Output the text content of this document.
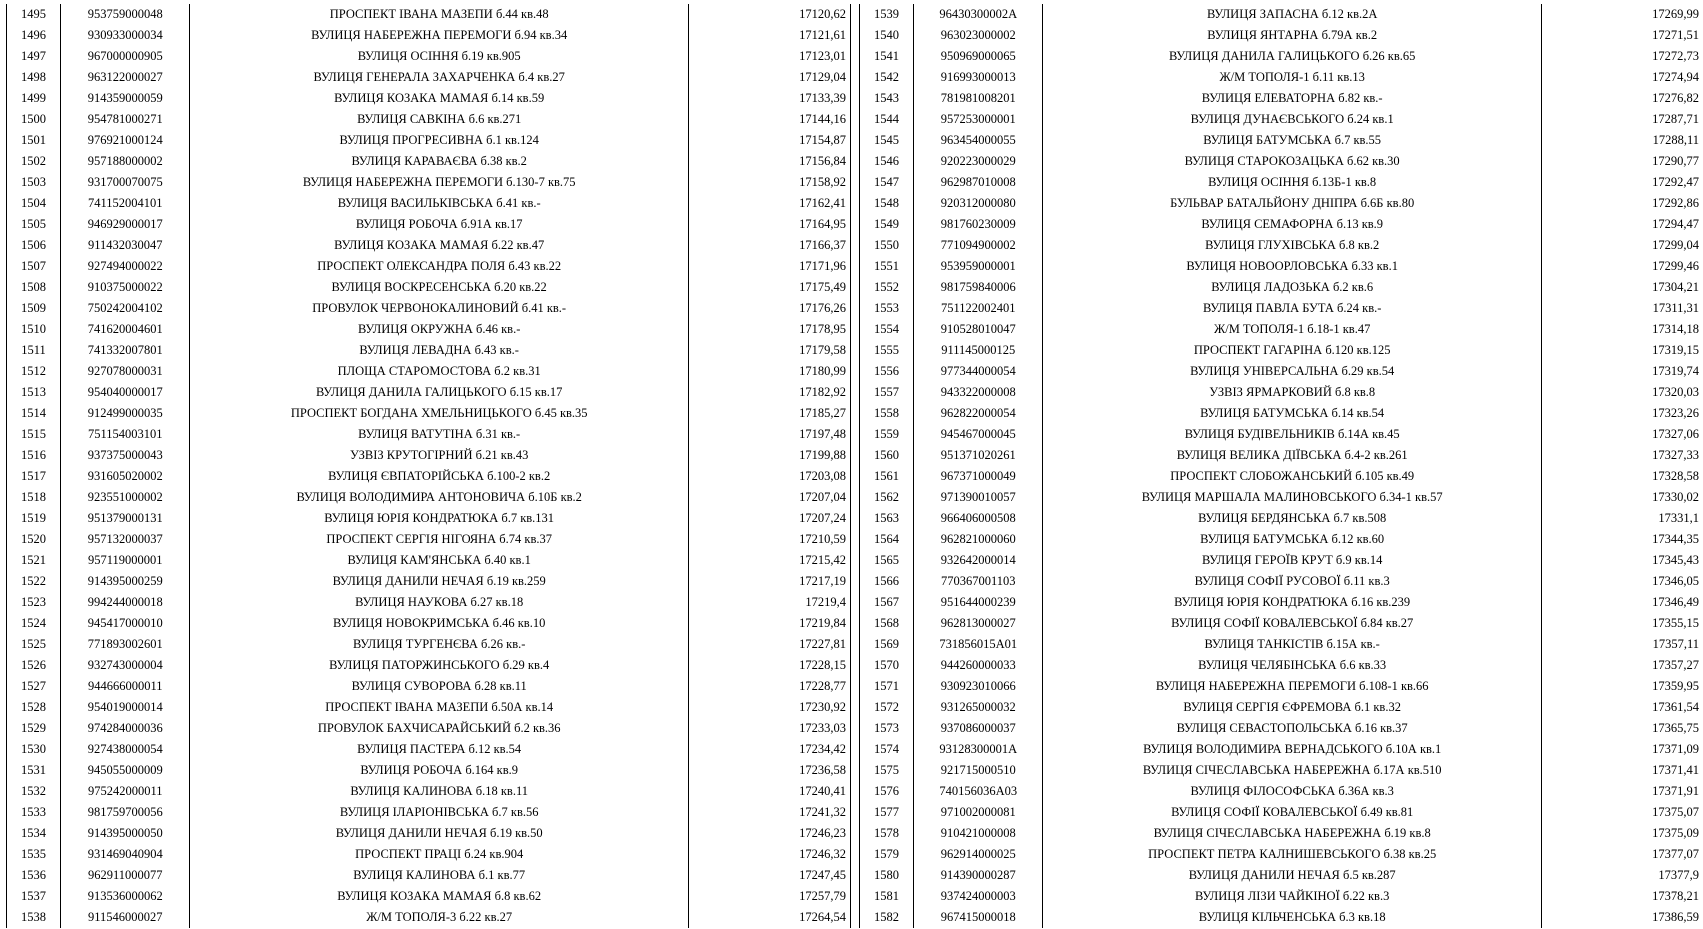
1495	953759000048	ПРОСПЕКТ ІВАНА МАЗЕПИ б.44 кв.48	17120,62
1496	930933000034	ВУЛИЦЯ НАБЕРЕЖНА ПЕРЕМОГИ б.94 кв.34	17121,61
1497	967000000905	ВУЛИЦЯ ОСІННЯ б.19 кв.905	17123,01
1498	963122000027	ВУЛИЦЯ ГЕНЕРАЛА ЗАХАРЧЕНКА б.4 кв.27	17129,04
1499	914359000059	ВУЛИЦЯ КОЗАКА МАМАЯ б.14 кв.59	17133,39
1500	954781000271	ВУЛИЦЯ САВКІНА б.6 кв.271	17144,16
1501	976921000124	ВУЛИЦЯ ПРОГРЕСИВНА б.1 кв.124	17154,87
1502	957188000002	ВУЛИЦЯ КАРАВАЄВА б.38 кв.2	17156,84
1503	931700070075	ВУЛИЦЯ НАБЕРЕЖНА ПЕРЕМОГИ б.130-7 кв.75	17158,92
1504	741152004101	ВУЛИЦЯ ВАСИЛЬКІВСЬКА б.41 кв.-	17162,41
1505	946929000017	ВУЛИЦЯ РОБОЧА б.91А кв.17	17164,95
1506	911432030047	ВУЛИЦЯ КОЗАКА МАМАЯ б.22 кв.47	17166,37
1507	927494000022	ПРОСПЕКТ ОЛЕКСАНДРА ПОЛЯ б.43 кв.22	17171,96
1508	910375000022	ВУЛИЦЯ ВОСКРЕСЕНСЬКА б.20 кв.22	17175,49
1509	750242004102	ПРОВУЛОК ЧЕРВОНОКАЛИНОВИЙ б.41 кв.-	17176,26
1510	741620004601	ВУЛИЦЯ ОКРУЖНА б.46 кв.-	17178,95
1511	741332007801	ВУЛИЦЯ ЛЕВАДНА б.43 кв.-	17179,58
1512	927078000031	ПЛОЩА СТАРОМОСТОВА б.2 кв.31	17180,99
1513	954040000017	ВУЛИЦЯ ДАНИЛА ГАЛИЦЬКОГО б.15 кв.17	17182,92
1514	912499000035	ПРОСПЕКТ БОГДАНА ХМЕЛЬНИЦЬКОГО б.45 кв.35	17185,27
1515	751154003101	ВУЛИЦЯ ВАТУТІНА б.31 кв.-	17197,48
1516	937375000043	УЗВІЗ КРУТОГІРНИЙ б.21 кв.43	17199,88
1517	931605020002	ВУЛИЦЯ ЄВПАТОРІЙСЬКА б.100-2 кв.2	17203,08
1518	923551000002	ВУЛИЦЯ ВОЛОДИМИРА АНТОНОВИЧА б.10Б кв.2	17207,04
1519	951379000131	ВУЛИЦЯ ЮРІЯ КОНДРАТЮКА б.7 кв.131	17207,24
1520	957132000037	ПРОСПЕКТ СЕРГІЯ НІГОЯНА б.74 кв.37	17210,59
1521	957119000001	ВУЛИЦЯ КАМ'ЯНСЬКА б.40 кв.1	17215,42
1522	914395000259	ВУЛИЦЯ ДАНИЛИ НЕЧАЯ б.19 кв.259	17217,19
1523	994244000018	ВУЛИЦЯ НАУКОВА б.27 кв.18	17219,4
1524	945417000010	ВУЛИЦЯ НОВОКРИМСЬКА б.46 кв.10	17219,84
1525	771893002601	ВУЛИЦЯ ТУРГЕНЄВА б.26 кв.-	17227,81
1526	932743000004	ВУЛИЦЯ ПАТОРЖИНСЬКОГО б.29 кв.4	17228,15
1527	944666000011	ВУЛИЦЯ СУВОРОВА б.28 кв.11	17228,77
1528	954019000014	ПРОСПЕКТ ІВАНА МАЗЕПИ б.50А кв.14	17230,92
1529	974284000036	ПРОВУЛОК БАХЧИСАРАЙСЬКИЙ б.2 кв.36	17233,03
1530	927438000054	ВУЛИЦЯ ПАСТЕРА б.12 кв.54	17234,42
1531	945055000009	ВУЛИЦЯ РОБОЧА б.164 кв.9	17236,58
1532	975242000011	ВУЛИЦЯ КАЛИНОВА б.18 кв.11	17240,41
1533	981759700056	ВУЛИЦЯ ІЛАРІОНІВСЬКА б.7 кв.56	17241,32
1534	914395000050	ВУЛИЦЯ ДАНИЛИ НЕЧАЯ б.19 кв.50	17246,23
1535	931469040904	ПРОСПЕКТ ПРАЦІ б.24 кв.904	17246,32
1536	962911000077	ВУЛИЦЯ КАЛИНОВА б.1 кв.77	17247,45
1537	913536000062	ВУЛИЦЯ КОЗАКА МАМАЯ б.8 кв.62	17257,79
1538	911546000027	Ж/М ТОПОЛЯ-3 б.22 кв.27	17264,54
1539	96430300002A	ВУЛИЦЯ ЗАПАСНА б.12 кв.2А	17269,99
1540	963023000002	ВУЛИЦЯ ЯНТАРНА б.79А кв.2	17271,51
1541	950969000065	ВУЛИЦЯ ДАНИЛА ГАЛИЦЬКОГО б.26 кв.65	17272,73
1542	916993000013	Ж/М ТОПОЛЯ-1 б.11 кв.13	17274,94
1543	781981008201	ВУЛИЦЯ ЕЛЕВАТОРНА б.82 кв.-	17276,82
1544	957253000001	ВУЛИЦЯ ДУНАЄВСЬКОГО б.24 кв.1	17287,71
1545	963454000055	ВУЛИЦЯ БАТУМСЬКА б.7 кв.55	17288,11
1546	920223000029	ВУЛИЦЯ СТАРОКОЗАЦЬКА б.62 кв.30	17290,77
1547	962987010008	ВУЛИЦЯ ОСІННЯ б.13Б-1 кв.8	17292,47
1548	920312000080	БУЛЬВАР БАТАЛЬЙОНУ ДНІПРА б.6Б кв.80	17292,86
1549	981760230009	ВУЛИЦЯ СЕМАФОРНА б.13 кв.9	17294,47
1550	771094900002	ВУЛИЦЯ ГЛУХІВСЬКА б.8 кв.2	17299,04
1551	953959000001	ВУЛИЦЯ НОВООРЛОВСЬКА б.33 кв.1	17299,46
1552	981759840006	ВУЛИЦЯ ЛАДОЗЬКА б.2 кв.6	17304,21
1553	751122002401	ВУЛИЦЯ ПАВЛА БУТА б.24 кв.-	17311,31
1554	910528010047	Ж/М ТОПОЛЯ-1 б.18-1 кв.47	17314,18
1555	911145000125	ПРОСПЕКТ ГАГАРІНА б.120 кв.125	17319,15
1556	977344000054	ВУЛИЦЯ УНІВЕРСАЛЬНА б.29 кв.54	17319,74
1557	943322000008	УЗВІЗ ЯРМАРКОВИЙ б.8 кв.8	17320,03
1558	962822000054	ВУЛИЦЯ БАТУМСЬКА б.14 кв.54	17323,26
1559	945467000045	ВУЛИЦЯ БУДІВЕЛЬНИКІВ б.14А кв.45	17327,06
1560	951371020261	ВУЛИЦЯ ВЕЛИКА ДІЇВСЬКА б.4-2 кв.261	17327,33
1561	967371000049	ПРОСПЕКТ СЛОБОЖАНСЬКИЙ б.105 кв.49	17328,58
1562	971390010057	ВУЛИЦЯ МАРШАЛА МАЛИНОВСЬКОГО б.34-1 кв.57	17330,02
1563	966406000508	ВУЛИЦЯ БЕРДЯНСЬКА б.7 кв.508	17331,1
1564	962821000060	ВУЛИЦЯ БАТУМСЬКА б.12 кв.60	17344,35
1565	932642000014	ВУЛИЦЯ ГЕРОЇВ КРУТ б.9 кв.14	17345,43
1566	770367001103	ВУЛИЦЯ СОФІЇ РУСОВОЇ б.11 кв.3	17346,05
1567	951644000239	ВУЛИЦЯ ЮРІЯ КОНДРАТЮКА б.16 кв.239	17346,49
1568	962813000027	ВУЛИЦЯ СОФІЇ КОВАЛЕВСЬКОЇ б.84 кв.27	17355,15
1569	731856015A01	ВУЛИЦЯ ТАНКІСТІВ б.15А кв.-	17357,11
1570	944260000033	ВУЛИЦЯ ЧЕЛЯБІНСЬКА б.6 кв.33	17357,27
1571	930923010066	ВУЛИЦЯ НАБЕРЕЖНА ПЕРЕМОГИ б.108-1 кв.66	17359,95
1572	931265000032	ВУЛИЦЯ СЕРГІЯ ЄФРЕМОВА б.1 кв.32	17361,54
1573	937086000037	ВУЛИЦЯ СЕВАСТОПОЛЬСЬКА б.16 кв.37	17365,75
1574	93128300001A	ВУЛИЦЯ ВОЛОДИМИРА ВЕРНАДСЬКОГО б.10А кв.1	17371,09
1575	921715000510	ВУЛИЦЯ СІЧЕСЛАВСЬКА НАБЕРЕЖНА б.17А кв.510	17371,41
1576	740156036A03	ВУЛИЦЯ ФІЛОСОФСЬКА б.36А кв.3	17371,91
1577	971002000081	ВУЛИЦЯ СОФІЇ КОВАЛЕВСЬКОЇ б.49 кв.81	17375,07
1578	910421000008	ВУЛИЦЯ СІЧЕСЛАВСЬКА НАБЕРЕЖНА б.19 кв.8	17375,09
1579	962914000025	ПРОСПЕКТ ПЕТРА КАЛНИШЕВСЬКОГО б.38 кв.25	17377,07
1580	914390000287	ВУЛИЦЯ ДАНИЛИ НЕЧАЯ б.5 кв.287	17377,9
1581	937424000003	ВУЛИЦЯ ЛІЗИ ЧАЙКІНОЇ б.22 кв.3	17378,21
1582	967415000018	ВУЛИЦЯ КІЛЬЧЕНСЬКА б.3 кв.18	17386,59
